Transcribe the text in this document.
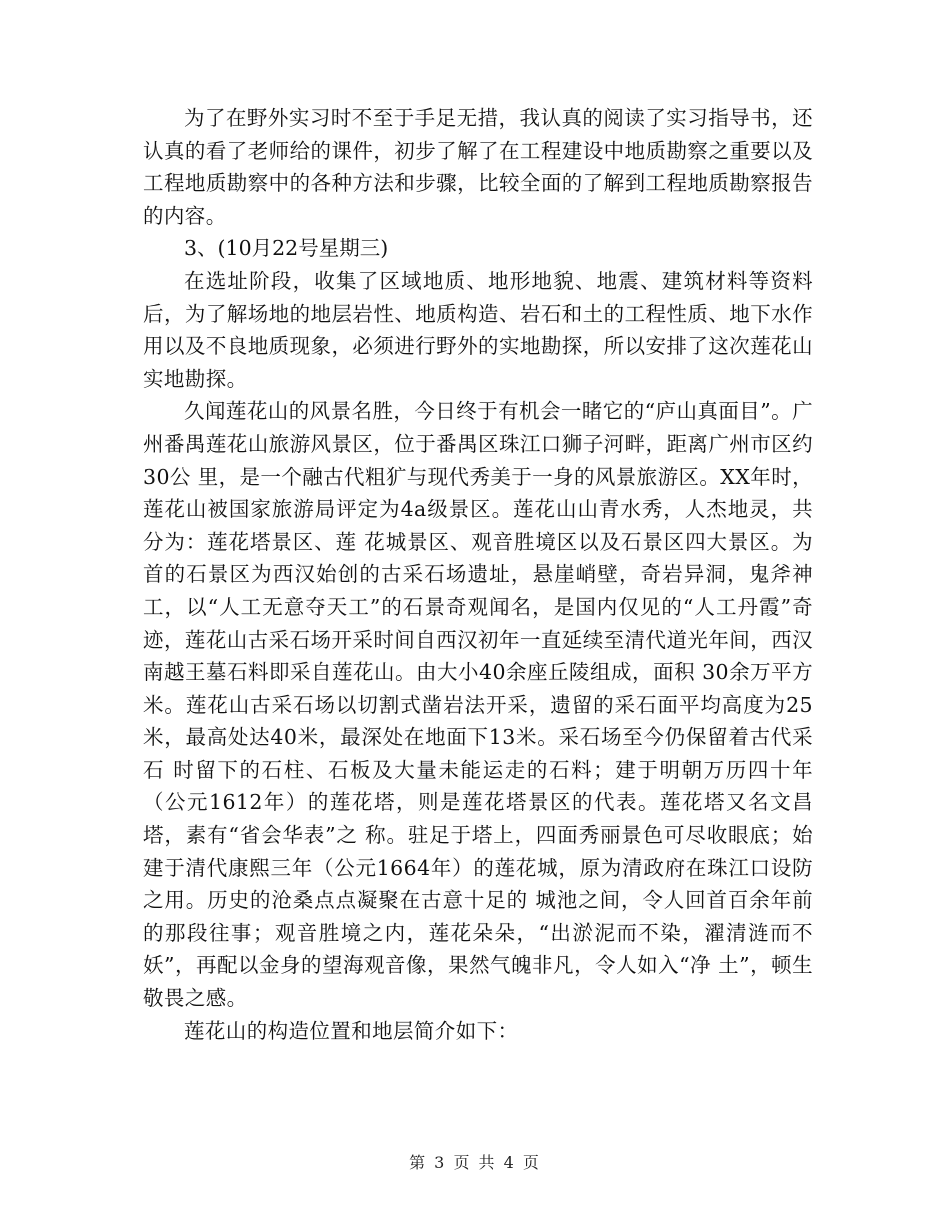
为了在野外实习时不至于手足无措，我认真的阅读了实习指导书，还认真的看了老师给的课件，初步了解了在工程建设中地质勘察之重要以及工程地质勘察中的各种方法和步骤，比较全面的了解到工程地质勘察报告的内容。

3、(10月22号星期三)

在选址阶段，收集了区域地质、地形地貌、地震、建筑材料等资料后，为了解场地的地层岩性、地质构造、岩石和土的工程性质、地下水作用以及不良地质现象，必须进行野外的实地勘探，所以安排了这次莲花山实地勘探。

久闻莲花山的风景名胜，今日终于有机会一睹它的“庐山真面目”。广州番禺莲花山旅游风景区，位于番禺区珠江口狮子河畔，距离广州市区约30公 里，是一个融古代粗犷与现代秀美于一身的风景旅游区。XX年时，莲花山被国家旅游局评定为4a级景区。莲花山山青水秀，人杰地灵，共分为：莲花塔景区、莲 花城景区、观音胜境区以及石景区四大景区。为首的石景区为西汉始创的古采石场遗址，悬崖峭壁，奇岩异洞，鬼斧神工，以“人工无意夺天工”的石景奇观闻名，是国内仅见的“人工丹霞”奇迹，莲花山古采石场开采时间自西汉初年一直延续至清代道光年间，西汉南越王墓石料即采自莲花山。由大小40余座丘陵组成，面积 30余万平方米。莲花山古采石场以切割式凿岩法开采，遗留的采石面平均高度为25米，最高处达40米，最深处在地面下13米。采石场至今仍保留着古代采石 时留下的石柱、石板及大量未能运走的石料；建于明朝万历四十年（公元1612年）的莲花塔，则是莲花塔景区的代表。莲花塔又名文昌塔，素有“省会华表”之 称。驻足于塔上，四面秀丽景色可尽收眼底；始建于清代康熙三年（公元1664年）的莲花城，原为清政府在珠江口设防之用。历史的沧桑点点凝聚在古意十足的 城池之间，令人回首百余年前的那段往事；观音胜境之内，莲花朵朵，“出淤泥而不染，濯清涟而不妖”，再配以金身的望海观音像，果然气魄非凡，令人如入“净 土”，顿生敬畏之感。

莲花山的构造位置和地层简介如下：

第 3 页 共 4 页
